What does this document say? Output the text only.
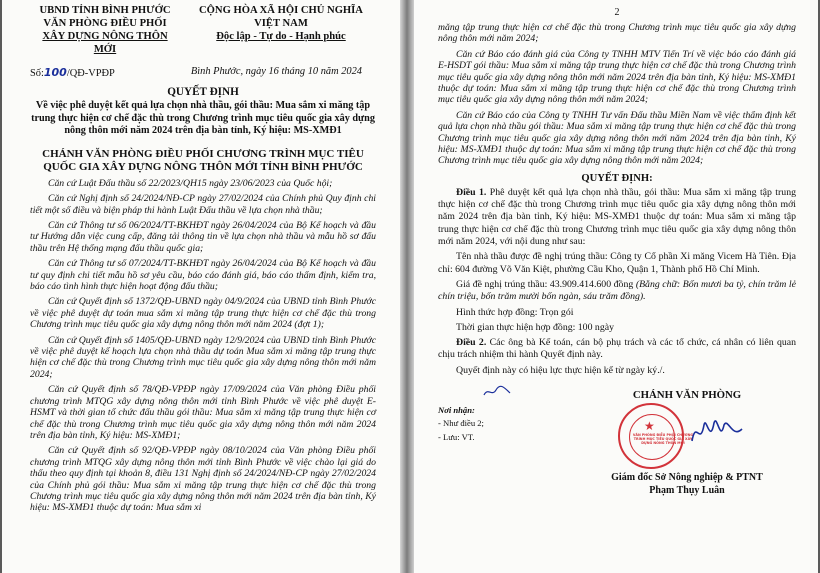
UBND TỈNH BÌNH PHƯỚC
VĂN PHÒNG ĐIỀU PHỐI
XÂY DỰNG NÔNG THÔN MỚI
CỘNG HÒA XÃ HỘI CHỦ NGHĨA VIỆT NAM
Độc lập - Tự do - Hạnh phúc
Số:100/QĐ-VPĐP	Bình Phước, ngày 16 tháng 10 năm 2024
QUYẾT ĐỊNH
Về việc phê duyệt kết quả lựa chọn nhà thầu, gói thầu: Mua sắm xi măng tập trung thực hiện cơ chế đặc thù trong Chương trình mục tiêu quốc gia xây dựng nông thôn mới năm 2024 trên địa bàn tỉnh, Ký hiệu: MS-XMĐ1
CHÁNH VĂN PHÒNG ĐIỀU PHỐI CHƯƠNG TRÌNH MỤC TIÊU QUỐC GIA XÂY DỰNG NÔNG THÔN MỚI TỈNH BÌNH PHƯỚC

Căn cứ Luật Đấu thầu số 22/2023/QH15 ngày 23/06/2023 của Quốc hội;

Căn cứ Nghị định số 24/2024/NĐ-CP ngày 27/02/2024 của Chính phủ Quy định chi tiết một số điều và biện pháp thi hành Luật Đấu thầu về lựa chọn nhà thầu;

Căn cứ Thông tư số 06/2024/TT-BKHĐT ngày 26/04/2024 của Bộ Kế hoạch và đầu tư Hướng dẫn việc cung cấp, đăng tải thông tin về lựa chọn nhà thầu và mẫu hồ sơ đấu thầu trên Hệ thống mạng đấu thầu quốc gia;

Căn cứ Thông tư số 07/2024/TT-BKHĐT ngày 26/04/2024 của Bộ Kế hoạch và đầu tư quy định chi tiết mẫu hồ sơ yêu cầu, báo cáo đánh giá, báo cáo thẩm định, kiểm tra, báo cáo tình hình thực hiện hoạt động đấu thầu;

Căn cứ Quyết định số 1372/QĐ-UBND ngày 04/9/2024 của UBND tỉnh Bình Phước về việc phê duyệt dự toán mua sắm xi măng tập trung thực hiện cơ chế đặc thù trong Chương trình mục tiêu quốc gia xây dựng nông thôn mới năm 2024 (đợt 1);

Căn cứ Quyết định số 1405/QĐ-UBND ngày 12/9/2024 của UBND tỉnh Bình Phước về việc phê duyệt kế hoạch lựa chọn nhà thầu dự toán Mua sắm xi măng tập trung thực hiện cơ chế đặc thù trong Chương trình mục tiêu quốc gia xây dựng nông thôn mới năm 2024;

Căn cứ Quyết định số 78/QĐ-VPĐP ngày 17/09/2024 của Văn phòng Điều phối chương trình MTQG xây dựng nông thôn mới tỉnh Bình Phước về việc phê duyệt E-HSMT và thời gian tổ chức đấu thầu gói thầu: Mua sắm xi măng tập trung thực hiện cơ chế đặc thù trong Chương trình mục tiêu quốc gia xây dựng nông thôn mới năm 2024 trên địa bàn tỉnh, Ký hiệu: MS-XMĐ1;

Căn cứ Quyết định số 92/QĐ-VPĐP ngày 08/10/2024 của Văn phòng Điều phối chương trình MTQG xây dựng nông thôn mới tỉnh Bình Phước về việc chào lại giá do thấu theo quy định tại khoản 8, điều 131 Nghị định số 24/2024/NĐ-CP ngày 27/02/2024 của Chính phủ gói thầu: Mua sắm xi măng tập trung thực hiện cơ chế đặc thù trong Chương trình mục tiêu quốc gia xây dựng nông thôn mới năm 2024 trên địa bàn tỉnh, Ký hiệu: MS-XMĐ1 thuộc dự toán: Mua sắm xi

2

măng tập trung thực hiện cơ chế đặc thù trong Chương trình mục tiêu quốc gia xây dựng nông thôn mới năm 2024;

Căn cứ Báo cáo đánh giá của Công ty TNHH MTV Tiến Trí về việc báo cáo đánh giá E-HSDT gói thầu: Mua sắm xi măng tập trung thực hiện cơ chế đặc thù trong Chương trình mục tiêu quốc gia xây dựng nông thôn mới năm 2024 trên địa bàn tỉnh, Ký hiệu: MS-XMĐ1 thuộc dự toán: Mua sắm xi măng tập trung thực hiện cơ chế đặc thù trong Chương trình mục tiêu quốc gia xây dựng nông thôn mới năm 2024;

Căn cứ Báo cáo của Công ty TNHH Tư vấn Đấu thầu Miền Nam về việc thẩm định kết quả lựa chọn nhà thầu gói thầu: Mua sắm xi măng tập trung thực hiện cơ chế đặc thù trong Chương trình mục tiêu quốc gia xây dựng nông thôn mới năm 2024 trên địa bàn tỉnh, Ký hiệu: MS-XMĐ1 thuộc dự toán: Mua sắm xi măng tập trung thực hiện cơ chế đặc thù trong Chương trình mục tiêu quốc gia xây dựng nông thôn mới năm 2024;

QUYẾT ĐỊNH:

Điều 1. Phê duyệt kết quả lựa chọn nhà thầu, gói thầu: Mua sắm xi măng tập trung thực hiện cơ chế đặc thù trong Chương trình mục tiêu quốc gia xây dựng nông thôn mới năm 2024 trên địa bàn tỉnh, Ký hiệu: MS-XMĐ1 thuộc dự toán: Mua sắm xi măng tập trung thực hiện cơ chế đặc thù trong Chương trình mục tiêu quốc gia xây dựng nông thôn mới năm 2024, với nội dung như sau:

Tên nhà thầu được đề nghị trúng thầu: Công ty Cổ phần Xi măng Vicem Hà Tiên. Địa chỉ: 604 đường Võ Văn Kiệt, phường Cầu Kho, Quận 1, Thành phố Hồ Chí Minh.

Giá đề nghị trúng thầu: 43.909.414.600 đồng (Bằng chữ: Bốn mươi ba tỷ, chín trăm lẻ chín triệu, bốn trăm mười bốn ngàn, sáu trăm đồng).

Hình thức hợp đồng: Trọn gói

Thời gian thực hiện hợp đồng: 100 ngày

Điều 2. Các ông bà Kế toán, cán bộ phụ trách và các tổ chức, cá nhân có liên quan chịu trách nhiệm thi hành Quyết định này.

Quyết định này có hiệu lực thực hiện kể từ ngày ký./.

Nơi nhận:
- Như điều 2;
- Lưu: VT.
CHÁNH VĂN PHÒNG
★
VĂN PHÒNG ĐIỀU PHỐI CHƯƠNG TRÌNH MỤC TIÊU QUỐC GIA XÂY DỰNG NÔNG THÔN MỚI
Giám đốc Sở Nông nghiệp & PTNT
Phạm Thụy Luân
